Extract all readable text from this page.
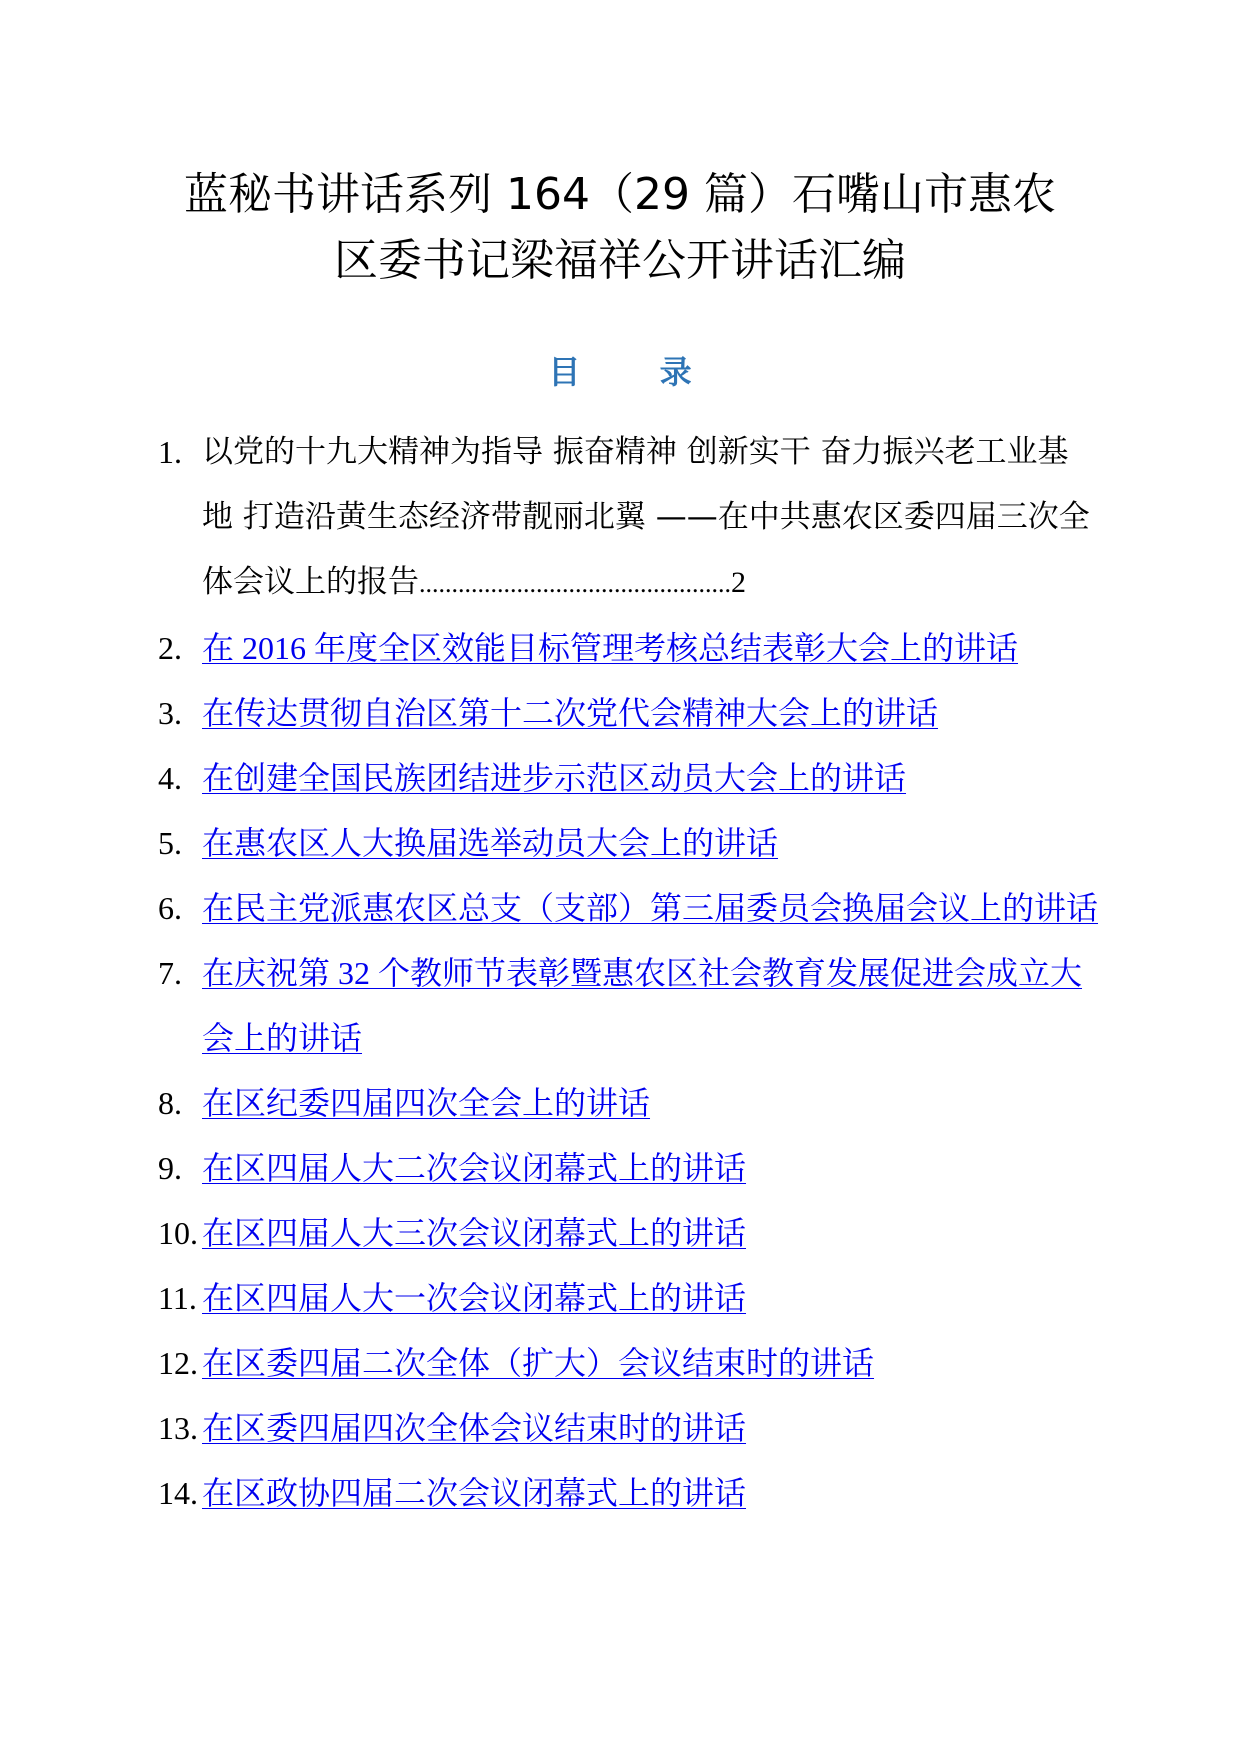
蓝秘书讲话系列 164（29 篇）石嘴山市惠农
区委书记梁福祥公开讲话汇编
目 录
1. 以党的十九大精神为指导 振奋精神 创新实干 奋力振兴老工业基地 打造沿黄生态经济带靓丽北翼 ——在中共惠农区委四届三次全体会议上的报告................................................2
2. 在 2016 年度全区效能目标管理考核总结表彰大会上的讲话
3. 在传达贯彻自治区第十二次党代会精神大会上的讲话
4. 在创建全国民族团结进步示范区动员大会上的讲话
5. 在惠农区人大换届选举动员大会上的讲话
6. 在民主党派惠农区总支（支部）第三届委员会换届会议上的讲话
7. 在庆祝第 32 个教师节表彰暨惠农区社会教育发展促进会成立大会上的讲话
8. 在区纪委四届四次全会上的讲话
9. 在区四届人大二次会议闭幕式上的讲话
10. 在区四届人大三次会议闭幕式上的讲话
11. 在区四届人大一次会议闭幕式上的讲话
12. 在区委四届二次全体（扩大）会议结束时的讲话
13. 在区委四届四次全体会议结束时的讲话
14. 在区政协四届二次会议闭幕式上的讲话
